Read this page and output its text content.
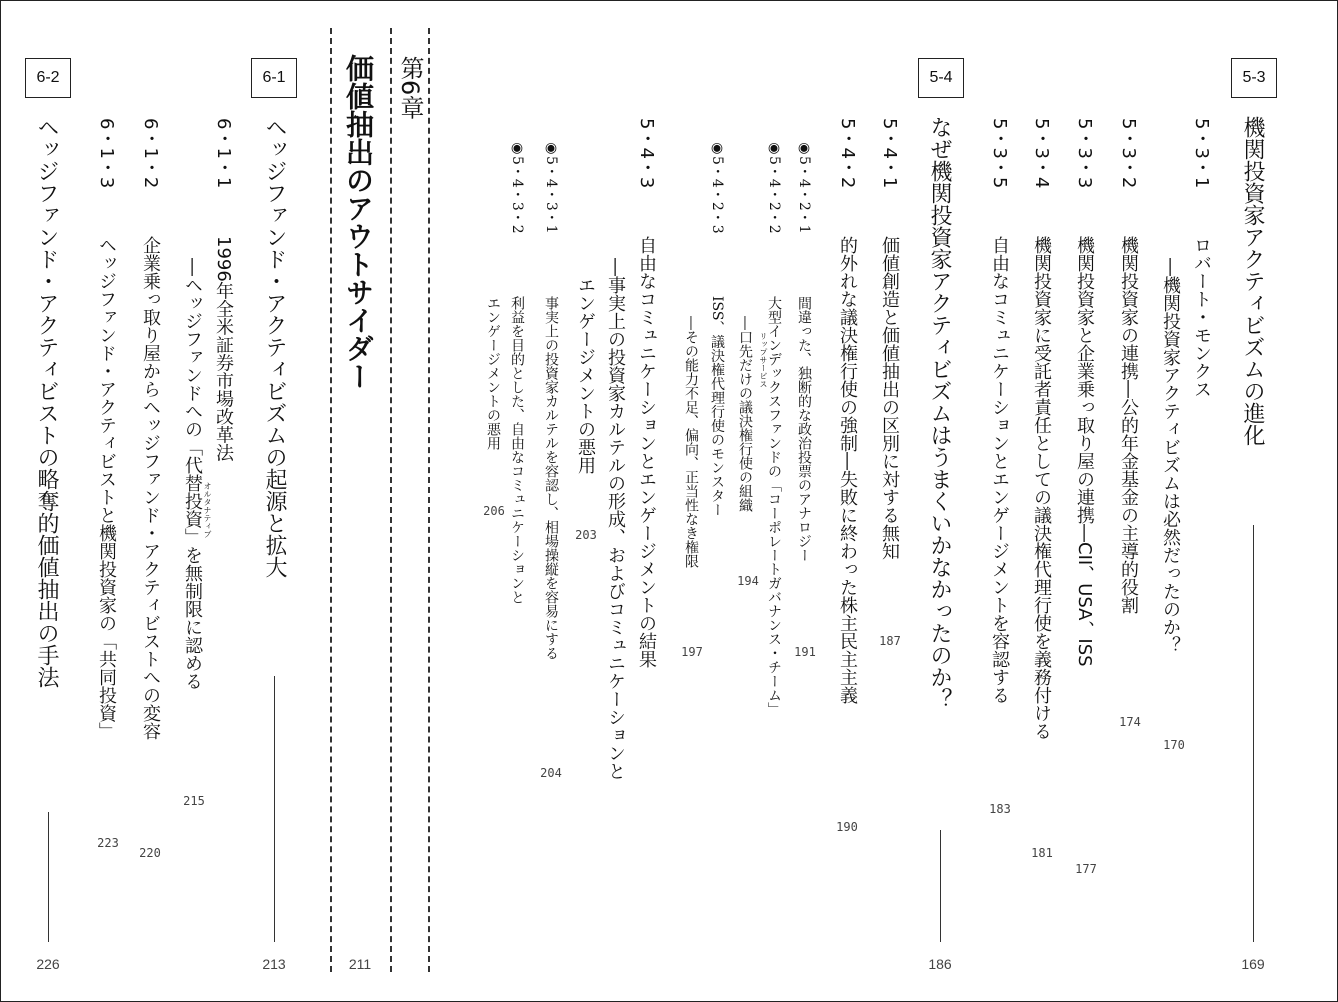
6-2
ヘッジファンド・アクティビストの略奪的価値抽出の手法
226
6・1・3
ヘッジファンド・アクティビストと機関投資家の「共同投資」
223
6・1・2
企業乗っ取り屋からヘッジファンド・アクティビストへの変容
220
6・1・1
1996年全米証券市場改革法
―ヘッジファンドへの「代替投資」を無制限に認める オルタナティブ
215
6-1
ヘッジファンド・アクティビズムの起源と拡大
213
価値抽出のアウトサイダー
211
第6章
◉5・4・3・2
利益を目的とした、自由なコミュニケーションと
エンゲージメントの悪用
206
◉5・4・3・1
事実上の投資家カルテルを容認し、相場操縦を容易にする
204
5・4・3
自由なコミュニケーションとエンゲージメントの結果
―事実上の投資家カルテルの形成、およびコミュニケーションと
エンゲージメントの悪用
203
◉5・4・2・3
ISS、議決権代理行使のモンスター
―その能力不足、偏向、正当性なき権限
197
◉5・4・2・2
大型インデックスファンドの「コーポレートガバナンス・チーム」
―口先だけの議決権行使の組織 リップサービス
194
◉5・4・2・1
間違った、独断的な政治投票のアナロジー
191
5・4・2
的外れな議決権行使の強制―失敗に終わった株主民主主義
190
5・4・1
価値創造と価値抽出の区別に対する無知
187
5-4
なぜ機関投資家アクティビズムはうまくいかなかったのか？
186
5・3・5
自由なコミュニケーションとエンゲージメントを容認する
183
5・3・4
機関投資家に受託者責任としての議決権代理行使を義務付ける
181
5・3・3
機関投資家と企業乗っ取り屋の連携―CII、USA、ISS
177
5・3・2
機関投資家の連携―公的年金基金の主導的役割
174
5・3・1
ロバート・モンクス
―機関投資家アクティビズムは必然だったのか？
170
5-3
機関投資家アクティビズムの進化
169
